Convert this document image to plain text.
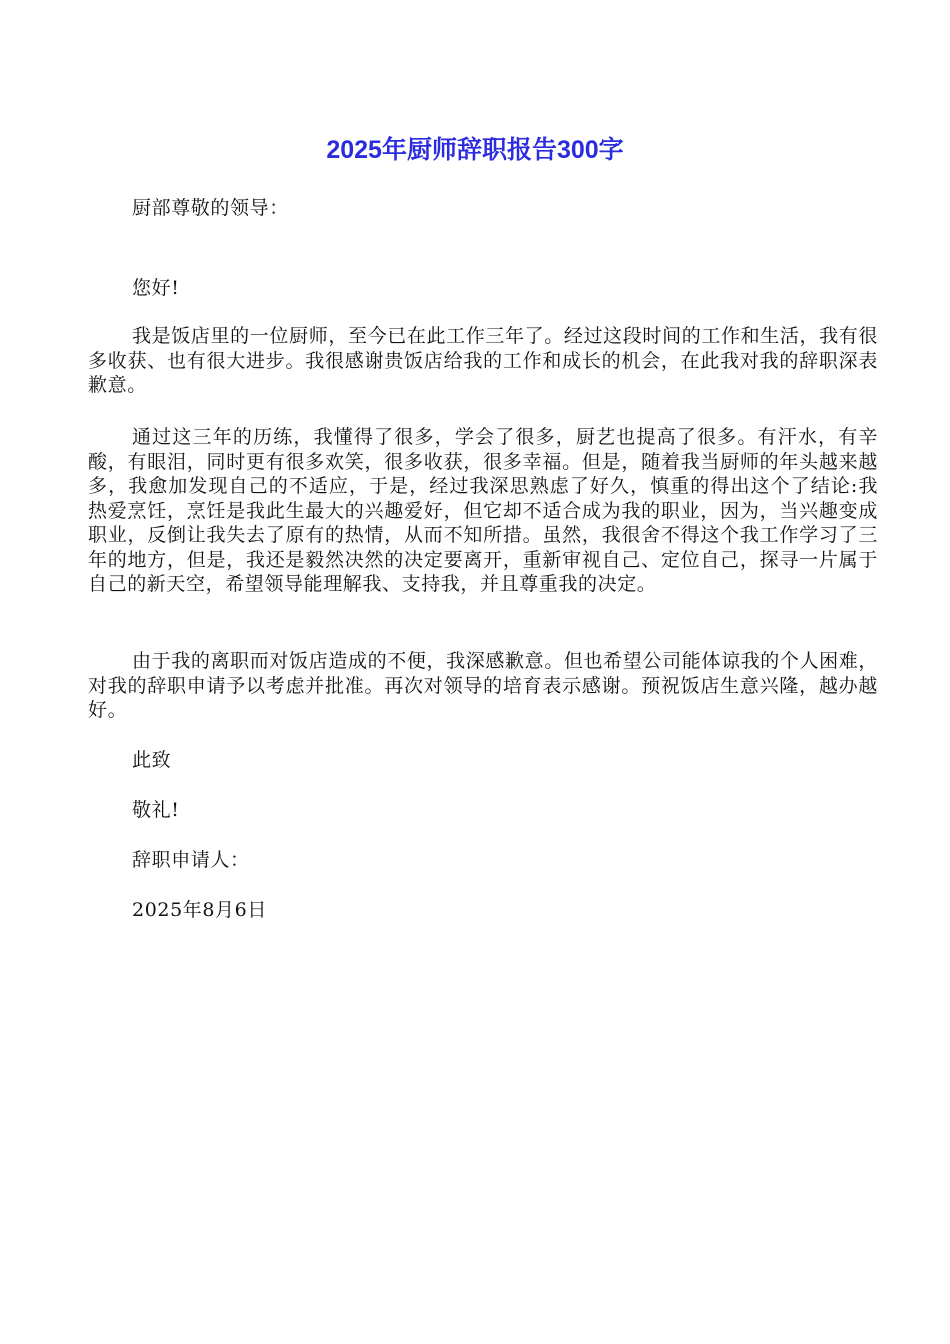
2025年厨师辞职报告300字
厨部尊敬的领导：
您好!

我是饭店里的一位厨师，至今已在此工作三年了。经过这段时间的工作和生活，我有很多收获、也有很大进步。我很感谢贵饭店给我的工作和成长的机会，在此我对我的辞职深表歉意。

通过这三年的历练，我懂得了很多，学会了很多，厨艺也提高了很多。有汗水，有辛酸，有眼泪，同时更有很多欢笑，很多收获，很多幸福。但是，随着我当厨师的年头越来越多，我愈加发现自己的不适应，于是，经过我深思熟虑了好久，慎重的得出这个了结论:我热爱烹饪，烹饪是我此生最大的兴趣爱好，但它却不适合成为我的职业，因为，当兴趣变成职业，反倒让我失去了原有的热情，从而不知所措。虽然，我很舍不得这个我工作学习了三年的地方，但是，我还是毅然决然的决定要离开，重新审视自己、定位自己，探寻一片属于自己的新天空，希望领导能理解我、支持我，并且尊重我的决定。

由于我的离职而对饭店造成的不便，我深感歉意。但也希望公司能体谅我的个人困难，对我的辞职申请予以考虑并批准。再次对领导的培育表示感谢。预祝饭店生意兴隆，越办越好。

此致
敬礼!
辞职申请人：
2025年8月6日
